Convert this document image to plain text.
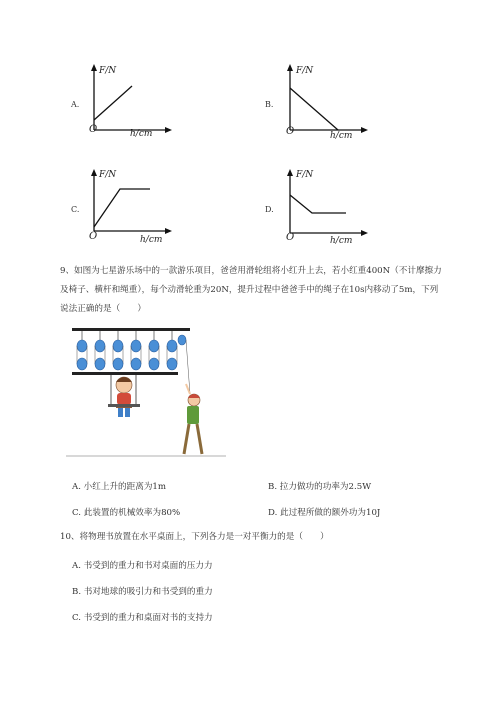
A.
F/N
h/cm
O
B.
F/N
h/cm
O
C.
F/N
h/cm
O
D.
F/N
h/cm
O
9、如图为七星游乐场中的一款游乐项目，爸爸用滑轮组将小红升上去，若小红重400N（不计摩擦力
及椅子、横杆和绳重），每个动滑轮重为20N，提升过程中爸爸手中的绳子在10s内移动了5m，下列
说法正确的是（　　）
A. 小红上升的距离为1m	B. 拉力做功的功率为2.5W
C. 此装置的机械效率为80%	D. 此过程所做的额外功为10J
10、将物理书放置在水平桌面上，下列各力是一对平衡力的是（　　）
A. 书受到的重力和书对桌面的压力力
B. 书对地球的吸引力和书受到的重力
C. 书受到的重力和桌面对书的支持力
